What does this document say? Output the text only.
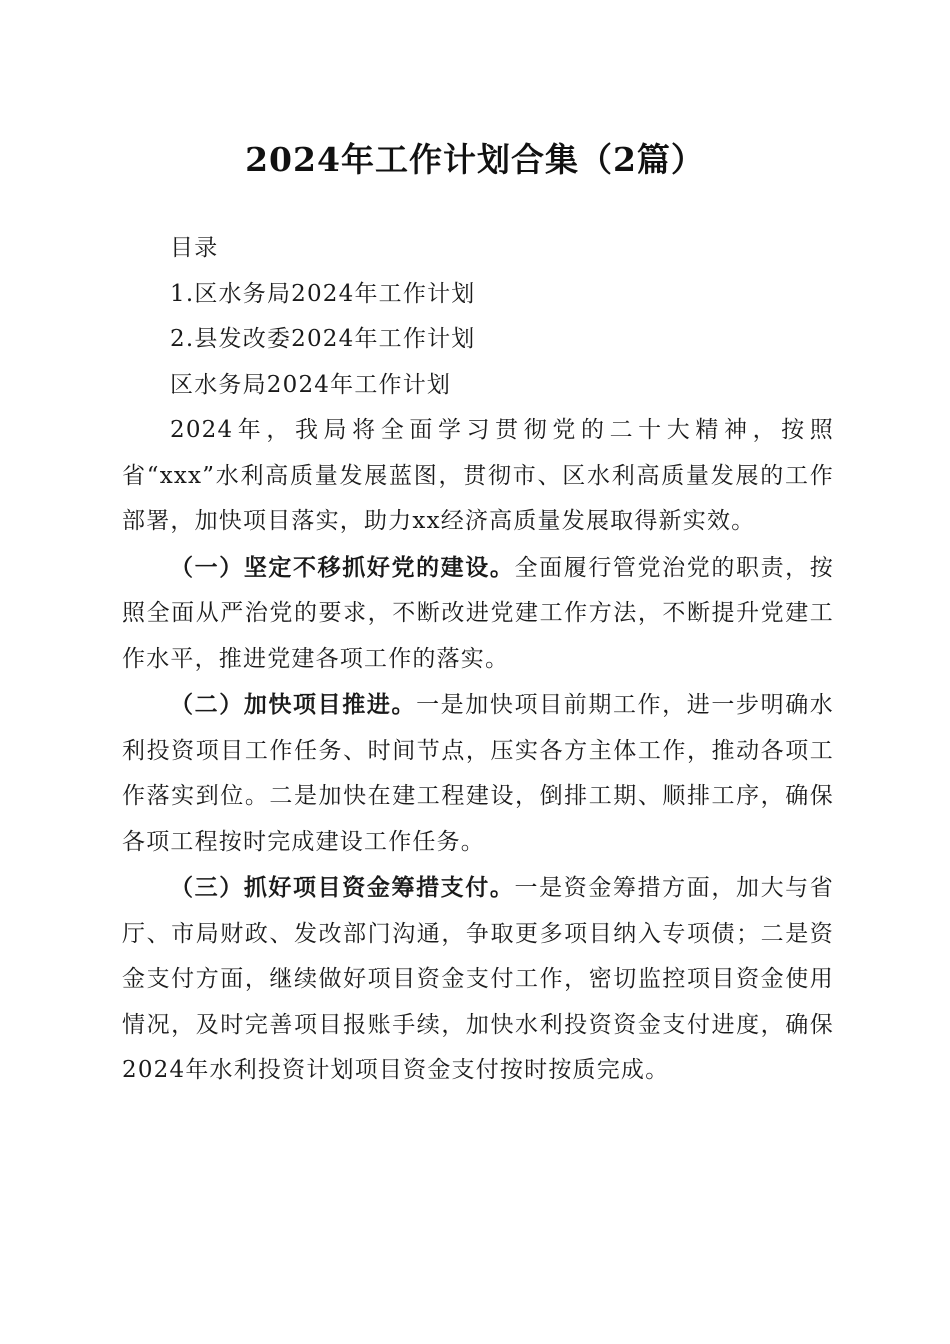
2024年工作计划合集（2篇）

目录

1.区水务局2024年工作计划

2.县发改委2024年工作计划

区水务局2024年工作计划

2024年，我局将全面学习贯彻党的二十大精神，按照省“xxx”水利高质量发展蓝图，贯彻市、区水利高质量发展的工作部署，加快项目落实，助力xx经济高质量发展取得新实效。

（一）坚定不移抓好党的建设。全面履行管党治党的职责，按照全面从严治党的要求，不断改进党建工作方法，不断提升党建工作水平，推进党建各项工作的落实。

（二）加快项目推进。一是加快项目前期工作，进一步明确水利投资项目工作任务、时间节点，压实各方主体工作，推动各项工作落实到位。二是加快在建工程建设，倒排工期、顺排工序，确保各项工程按时完成建设工作任务。

（三）抓好项目资金筹措支付。一是资金筹措方面，加大与省厅、市局财政、发改部门沟通，争取更多项目纳入专项债；二是资金支付方面，继续做好项目资金支付工作，密切监控项目资金使用情况，及时完善项目报账手续，加快水利投资资金支付进度，确保2024年水利投资计划项目资金支付按时按质完成。
